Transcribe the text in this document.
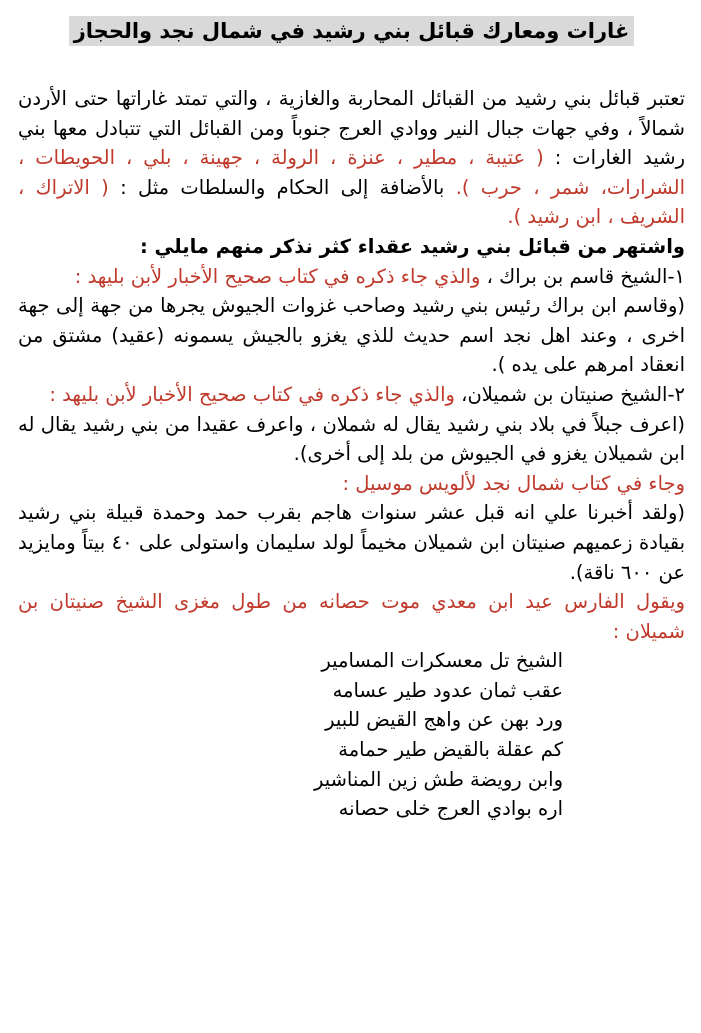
غارات ومعارك قبائل بني رشيد في شمال نجد والحجاز

تعتبر قبائل بني رشيد من القبائل المحاربة والغازية ، والتي تمتد غاراتها حتى الأردن شمالاً ، وفي جهات جبال النير ووادي العرج جنوباً ومن القبائل التي تتبادل معها بني رشيد الغارات : ( عتيبة ، مطير ، عنزة ، الرولة ، جهينة ، بلي ، الحويطات ، الشرارات، شمر ، حرب ). بالأضافة إلى الحكام والسلطات مثل : ( الاتراك ، الشريف ، ابن رشيد ).

واشتهر من قبائل بني رشيد عقداء كثر نذكر منهم مايلي :

١-الشيخ قاسم بن براك ، والذي جاء ذكره في كتاب صحيح الأخبار لأبن بليهد :

(وقاسم ابن براك رئيس بني رشيد وصاحب غزوات الجيوش يجرها من جهة إلى جهة اخرى ، وعند اهل نجد اسم حديث للذي يغزو بالجيش يسمونه (عقيد) مشتق من انعقاد امرهم على يده ).

٢-الشيخ صنيتان بن شميلان، والذي جاء ذكره في كتاب صحيح الأخبار لأبن بليهد :

(اعرف جبلاً في بلاد بني رشيد يقال له شملان ، واعرف عقيدا من بني رشيد يقال له ابن شميلان يغزو في الجيوش من بلد إلى أخرى).

وجاء في كتاب شمال نجد لألويس موسيل :

(ولقد أخبرنا علي انه قبل عشر سنوات هاجم بقرب حمد وحمدة قبيلة بني رشيد بقيادة زعميهم صنيتان ابن شميلان مخيماً لولد سليمان واستولى على ٤٠ بيتاً ومايزيد عن ٦٠٠ ناقة).

ويقول الفارس عيد ابن معدي موت حصانه من طول مغزى الشيخ صنيتان بن شميلان :

الشيخ تل معسكرات المسامير
عقب ثمان عدود طير عسامه
ورد بهن عن واهج القيض للبير
كم عقلة بالقيض طير حمامة
وابن رويضة طش زين المناشير
اره بوادي العرج خلى حصانه
